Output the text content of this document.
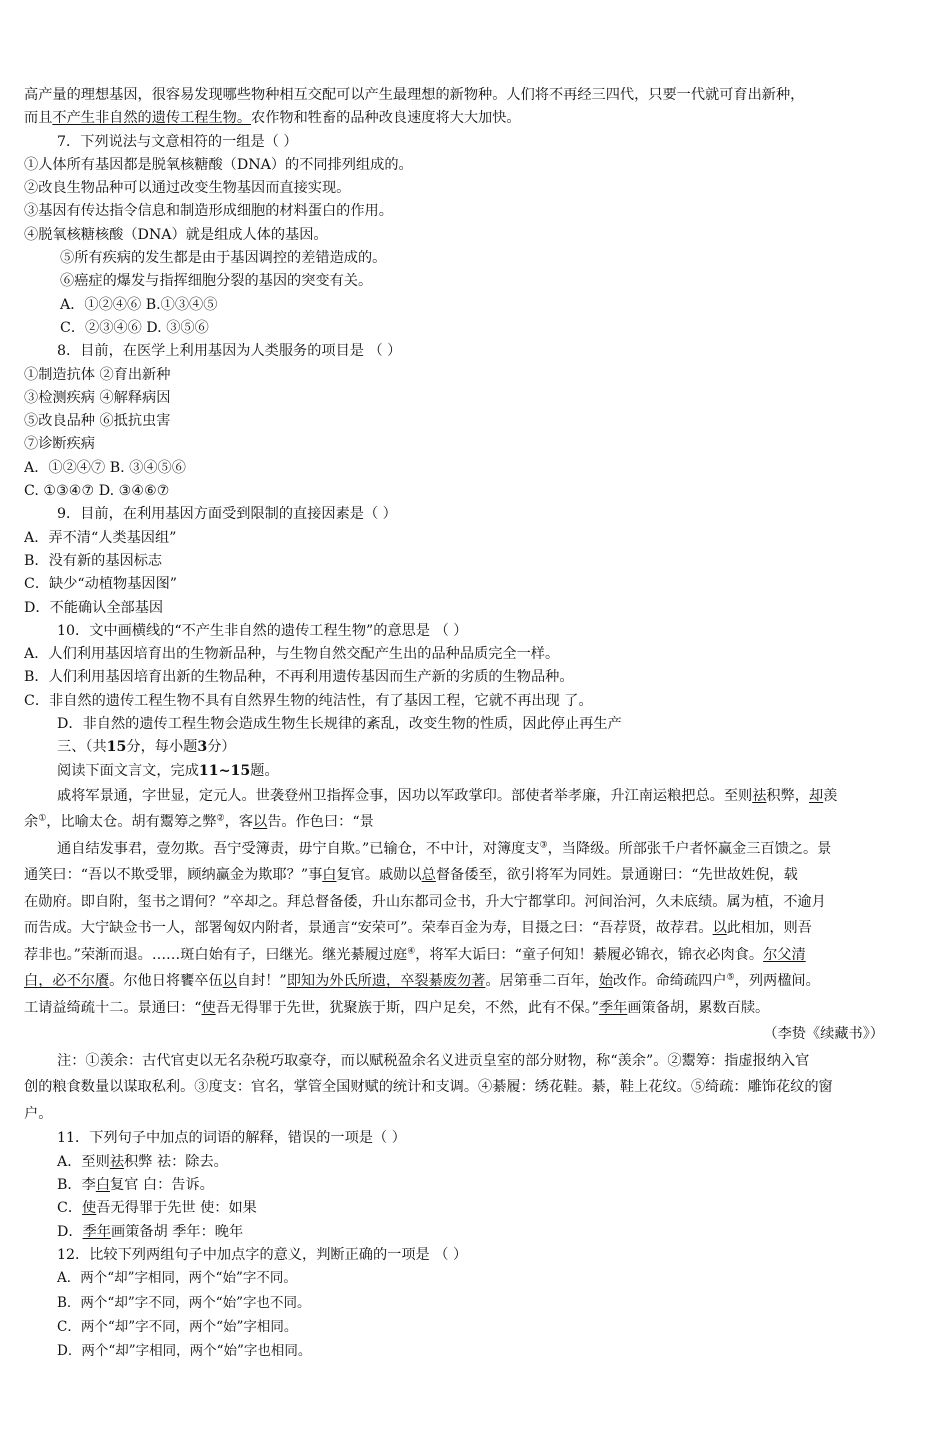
高产量的理想基因，很容易发现哪些物种相互交配可以产生最理想的新物种。人们将不再经三四代，只要一代就可育出新种，
而且不产生非自然的遗传工程生物。农作物和牲畜的品种改良速度将大大加快。
7．下列说法与文意相符的一组是（ ）
①人体所有基因都是脱氧核糖酸（DNA）的不同排列组成的。
②改良生物品种可以通过改变生物基因而直接实现。
③基因有传达指令信息和制造形成细胞的材料蛋白的作用。
④脱氧核糖核酸（DNA）就是组成人体的基因。
⑤所有疾病的发生都是由于基因调控的差错造成的。
⑥癌症的爆发与指挥细胞分裂的基因的突变有关。
A．①②④⑥ B.①③④⑤
C．②③④⑥ D. ③⑤⑥
8．目前，在医学上利用基因为人类服务的项目是 （ ）
①制造抗体 ②育出新种
③检测疾病 ④解释病因
⑤改良品种 ⑥抵抗虫害
⑦诊断疾病
A．①②④⑦ B. ③④⑤⑥
C. ①③④⑦ D. ③④⑥⑦
9．目前，在利用基因方面受到限制的直接因素是（ ）
A．弄不清“人类基因组”
B．没有新的基因标志
C．缺少“动植物基因图”
D．不能确认全部基因
10．文中画横线的“不产生非自然的遗传工程生物”的意思是 （ ）
A．人们利用基因培育出的生物新品种，与生物自然交配产生出的品种品质完全一样。
B．人们利用基因培育出新的生物品种，不再利用遗传基因而生产新的劣质的生物品种。
C．非自然的遗传工程生物不具有自然界生物的纯洁性，有了基因工程，它就不再出现 了。
D．非自然的遗传工程生物会造成生物生长规律的紊乱，改变生物的性质，因此停止再生产
三、（共15分，每小题3分）
阅读下面文言文，完成11~15题。
戚将军景通，字世显，定元人。世袭登州卫指挥佥事，因功以军政掌印。部使者举孝廉，升江南运粮把总。至则祛积弊，却羡
余①，比喻太仓。胡有鬻筹之弊②，客以告。作色曰：“景
通自结发事君，壹勿欺。吾宁受簿责，毋宁自欺。”已输仓，不中计，对簿度支③，当降级。所部张千户者怀赢金三百馈之。景
通笑曰：“吾以不欺受罪，顾纳赢金为欺耶？”事白复官。戚勋以总督备倭至，欲引将军为同姓。景通谢曰：“先世故姓倪，载
在勋府。即自附，玺书之谓何？”卒却之。拜总督备倭，升山东都司佥书，升大宁都掌印。河间治河，久未底绩。属为植，不逾月
而告成。大宁缺佥书一人，部署匈奴内附者，景通言“安荣可”。荣奉百金为寿，目摄之曰：“吾荐贤，故荐君。以此相加，则吾
荐非也。”荣渐而退。……斑白始有子，曰继光。继光綦履过庭④，将军大诟曰：“童子何知！綦履必锦衣，锦衣必肉食。尔父清
白，必不尔餍。尔他日将饔卒伍以自封！”即知为外氏所遗，卒裂綦废勿著。居第垂二百年，始改作。命绮疏四户⑤，列两楹间。
工请益绮疏十二。景通曰：“使吾无得罪于先世，犹聚族于斯，四户足矣，不然，此有不保。”季年画策备胡，累数百牍。
（李贽《续藏书》）
注：①羡余：古代官吏以无名杂税巧取豪夺，而以赋税盈余名义进贡皇室的部分财物，称“羡余”。②鬻筹：指虚报纳入官
创的粮食数量以谋取私利。③度支：官名，掌管全国财赋的统计和支调。④綦履：绣花鞋。綦，鞋上花纹。⑤绮疏：雕饰花纹的窗
户。
11．下列句子中加点的词语的解释，错误的一项是（ ）
A．至则祛积弊 祛：除去。
B．李白复官 白：告诉。
C．使吾无得罪于先世 使：如果
D．季年画策备胡 季年：晚年
12．比较下列两组句子中加点字的意义，判断正确的一项是 （ ）
A．两个“却”字相同，两个“始”字不同。
B．两个“却”字不同，两个“始”字也不同。
C．两个“却”字不同，两个“始”字相同。
D．两个“却”字相同，两个“始”字也相同。
